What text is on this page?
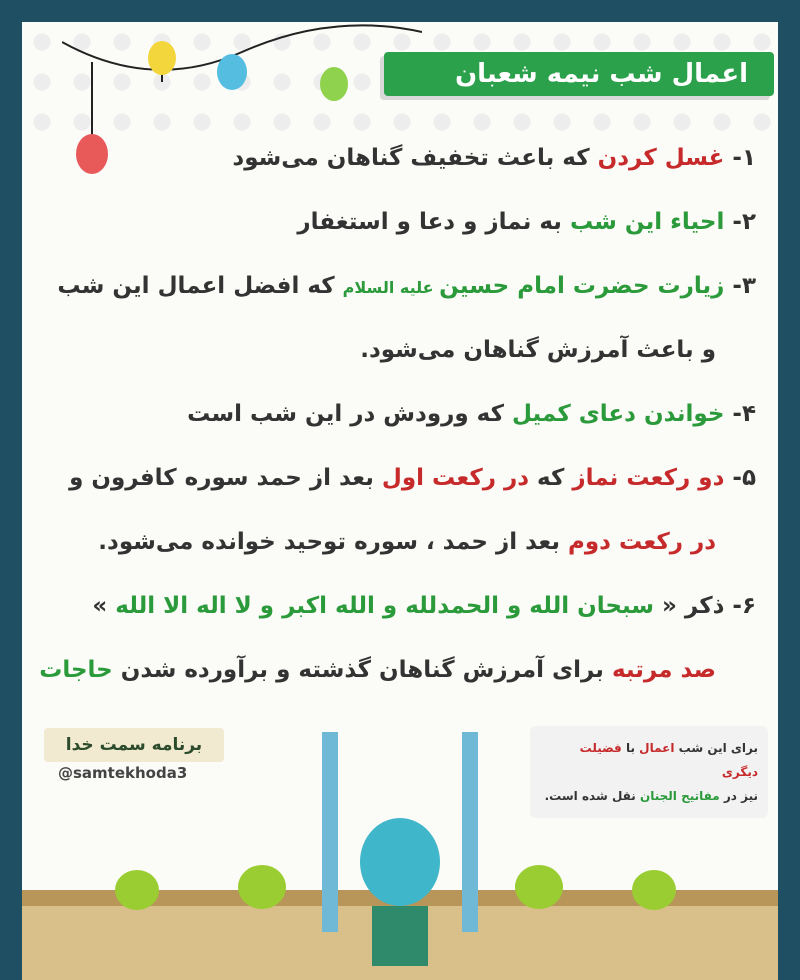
اعمال شب نیمه شعبان
۱- غسل کردن که باعث تخفیف گناهان می‌شود
۲- احیاء این شب به نماز و دعا و استغفار
۳- زیارت حضرت امام حسین علیه السلام که افضل اعمال این شب
و باعث آمرزش گناهان می‌شود.
۴- خواندن دعای کمیل که ورودش در این شب است
۵- دو رکعت نماز که در رکعت اول بعد از حمد سوره کافرون و
در رکعت دوم بعد از حمد ، سوره توحید خوانده می‌شود.
۶- ذکر « سبحان الله و الحمدلله و الله اکبر و لا اله الا الله »
صد مرتبه برای آمرزش گناهان گذشته و برآورده شدن حاجات
برنامه سمت خدا
@samtekhoda3
برای این شب اعمال با فضیلت دیگری
نیز در مفاتیح الجنان نقل شده است.
